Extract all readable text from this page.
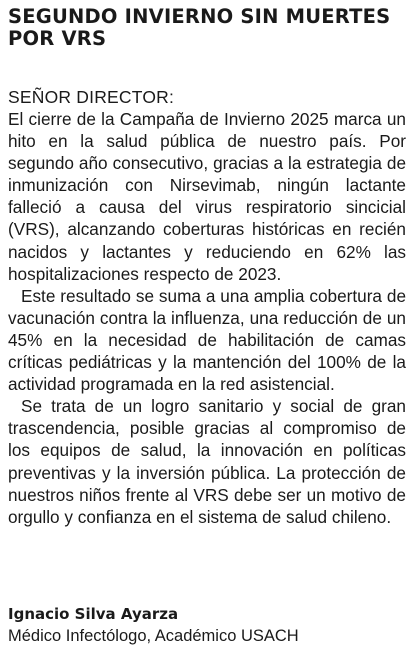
SEGUNDO INVIERNO SIN MUERTES
POR VRS

SEÑOR DIRECTOR:

El cierre de la Campaña de Invierno 2025 marca un hito en la salud pública de nuestro país. Por segundo año consecutivo, gracias a la estrategia de inmunización con Nirsevimab, ningún lactante falleció a causa del virus respiratorio sincicial (VRS), alcanzando coberturas históricas en recién nacidos y lactantes y reduciendo en 62% las hospitalizaciones respecto de 2023.

Este resultado se suma a una amplia cobertura de vacunación contra la influenza, una reducción de un 45% en la necesidad de habilitación de camas críticas pediátricas y la mantención del 100% de la actividad programada en la red asistencial.

Se trata de un logro sanitario y social de gran trascendencia, posible gracias al compromiso de los equipos de salud, la innovación en políticas preventivas y la inversión pública. La protección de nuestros niños frente al VRS debe ser un motivo de orgullo y confianza en el sistema de salud chileno.

Ignacio Silva Ayarza

Médico Infectólogo, Académico USACH
